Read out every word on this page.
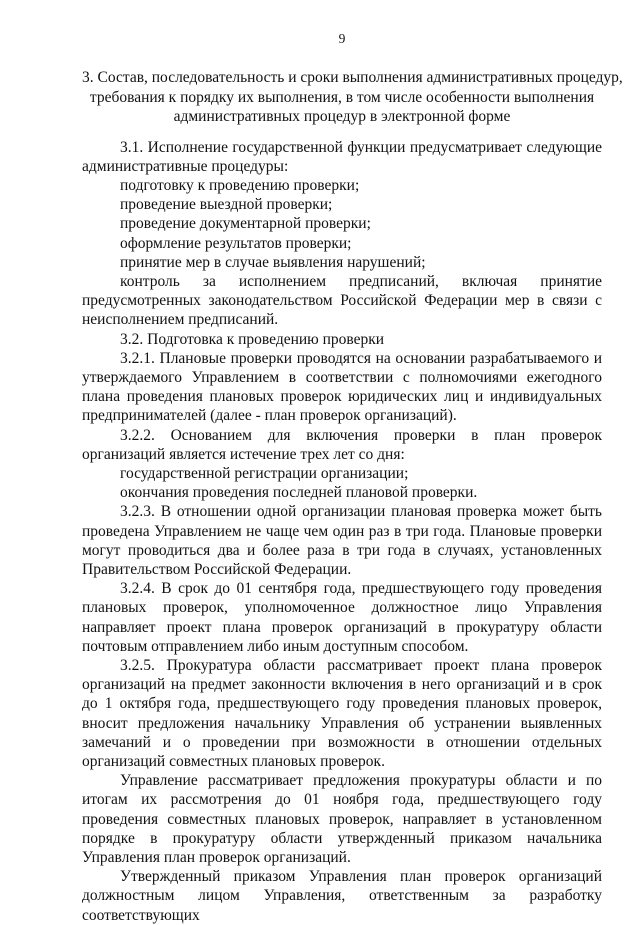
9
3. Состав, последовательность и сроки выполнения административных процедур,
требования к порядку их выполнения, в том числе особенности выполнения
административных процедур в электронной форме

3.1. Исполнение государственной функции предусматривает следующие административные процедуры:

подготовку к проведению проверки;

проведение выездной проверки;

проведение документарной проверки;

оформление результатов проверки;

принятие мер в случае выявления нарушений;

контроль за исполнением предписаний, включая принятие предусмотренных законодательством Российской Федерации мер в связи с неисполнением предписаний.

3.2. Подготовка к проведению проверки

3.2.1. Плановые проверки проводятся на основании разрабатываемого и утверждаемого Управлением в соответствии с полномочиями ежегодного плана проведения плановых проверок юридических лиц и индивидуальных предпринимателей (далее - план проверок организаций).

3.2.2. Основанием для включения проверки в план проверок организаций является истечение трех лет со дня:

государственной регистрации организации;

окончания проведения последней плановой проверки.

3.2.3. В отношении одной организации плановая проверка может быть проведена Управлением не чаще чем один раз в три года. Плановые проверки могут проводиться два и более раза в три года в случаях, установленных Правительством Российской Федерации.

3.2.4. В срок до 01 сентября года, предшествующего году проведения плановых проверок, уполномоченное должностное лицо Управления направляет проект плана проверок организаций в прокуратуру области почтовым отправлением либо иным доступным способом.

3.2.5. Прокуратура области рассматривает проект плана проверок организаций на предмет законности включения в него организаций и в срок до 1 октября года, предшествующего году проведения плановых проверок, вносит предложения начальнику Управления об устранении выявленных замечаний и о проведении при возможности в отношении отдельных организаций совместных плановых проверок.

Управление рассматривает предложения прокуратуры области и по итогам их рассмотрения до 01 ноября года, предшествующего году проведения совместных плановых проверок, направляет в установленном порядке в прокуратуру области утвержденный приказом начальника Управления план проверок организаций.

Утвержденный приказом Управления план проверок организаций должностным лицом Управления, ответственным за разработку соответствующих
